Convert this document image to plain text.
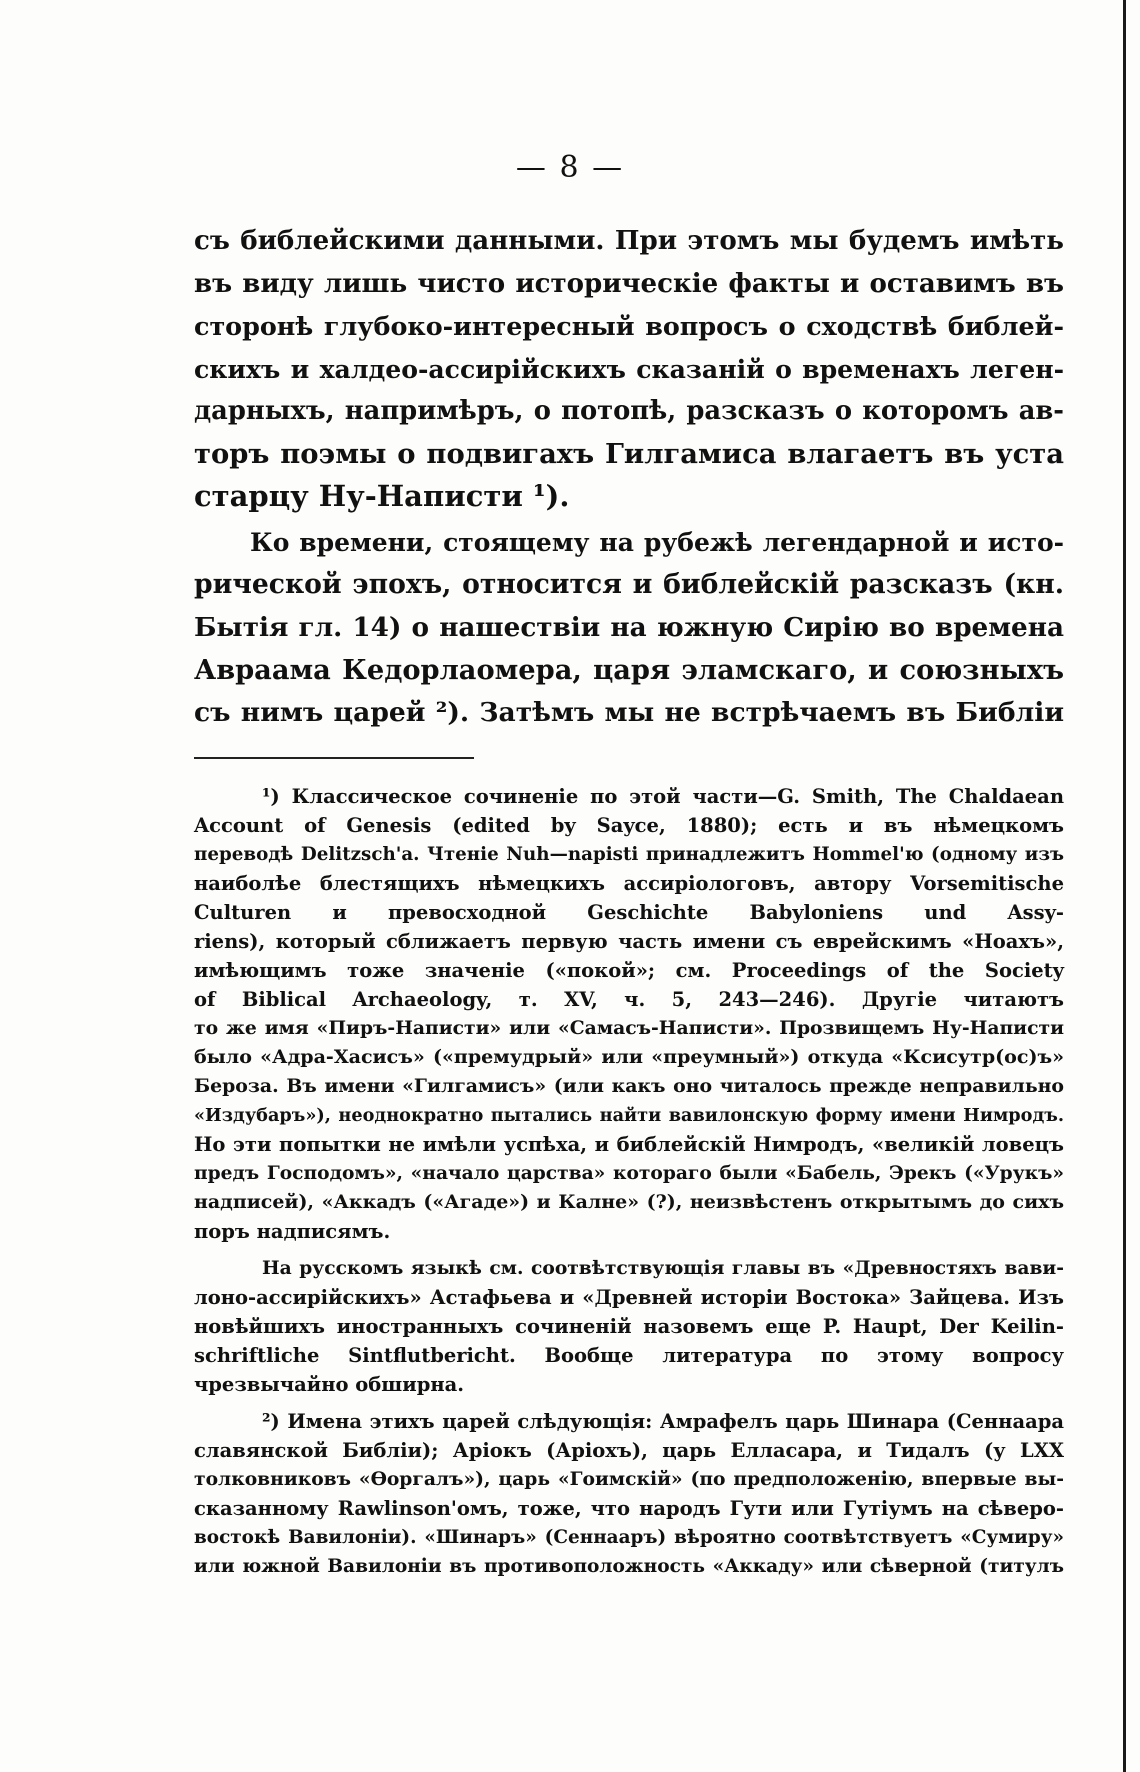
— 8 —
съ библейскими данными. При этомъ мы будемъ имѣть
въ виду лишь чисто историческіе факты и оставимъ въ
сторонѣ глубоко-интересный вопросъ о сходствѣ библей-
скихъ и халдео-ассирійскихъ сказаній о временахъ леген-
дарныхъ, напримѣръ, о потопѣ, разсказъ о которомъ ав-
торъ поэмы о подвигахъ Гилгамиса влагаетъ въ уста
старцу Ну-Написти ¹).
Ко времени, стоящему на рубежѣ легендарной и исто-
рической эпохъ, относится и библейскій разсказъ (кн.
Бытія гл. 14) о нашествіи на южную Сирію во времена
Авраама Кедорлаомера, царя эламскаго, и союзныхъ
съ нимъ царей ²). Затѣмъ мы не встрѣчаемъ въ Библіи
¹) Классическое сочиненіе по этой части—G. Smith, The Chaldaean
Account of Genesis (edited by Sayce, 1880); есть и въ нѣмецкомъ
переводѣ Delitzsch'a. Чтеніе Nuh—napisti принадлежитъ Hommel'ю (одному изъ
наиболѣе блестящихъ нѣмецкихъ ассиріологовъ, автору Vorsemitische
Culturen и превосходной Geschichte Babyloniens und Assy-
riens), который сближаетъ первую часть имени съ еврейскимъ «Ноахъ»,
имѣющимъ тоже значеніе («покой»; см. Proceedings of the Society
of Biblical Archaeology, т. XV, ч. 5, 243—246). Другіе читаютъ
то же имя «Пиръ-Написти» или «Самасъ-Написти». Прозвищемъ Ну-Написти
было «Адра-Хасисъ» («премудрый» или «преумный») откуда «Ксисутр(ос)ъ»
Бероза. Въ имени «Гилгамисъ» (или какъ оно читалось прежде неправильно
«Издубаръ»), неоднократно пытались найти вавилонскую форму имени Нимродъ.
Но эти попытки не имѣли успѣха, и библейскій Нимродъ, «великій ловецъ
предъ Господомъ», «начало царства» котораго были «Бабель, Эрекъ («Урукъ»
надписей), «Аккадъ («Агаде») и Калне» (?), неизвѣстенъ открытымъ до сихъ
поръ надписямъ.
На русскомъ языкѣ см. соотвѣтствующія главы въ «Древностяхъ вави-
лоно-ассирійскихъ» Астафьева и «Древней исторіи Востока» Зайцева. Изъ
новѣйшихъ иностранныхъ сочиненій назовемъ еще P. Haupt, Der Keilin-
schriftliche Sintflutbericht. Вообще литература по этому вопросу
чрезвычайно обширна.
²) Имена этихъ царей слѣдующія: Амрафелъ царь Шинара (Сеннаара
славянской Библіи); Аріокъ (Аріохъ), царь Елласара, и Тидалъ (у LXX
толковниковъ «Өоргалъ»), царь «Гоимскій» (по предположенію, впервые вы-
сказанному Rawlinson'омъ, тоже, что народъ Гути или Гутіумъ на сѣверо-
востокѣ Вавилоніи). «Шинаръ» (Сеннааръ) вѣроятно соотвѣтствуетъ «Сумиру»
или южной Вавилоніи въ противоположность «Аккаду» или сѣверной (титулъ
